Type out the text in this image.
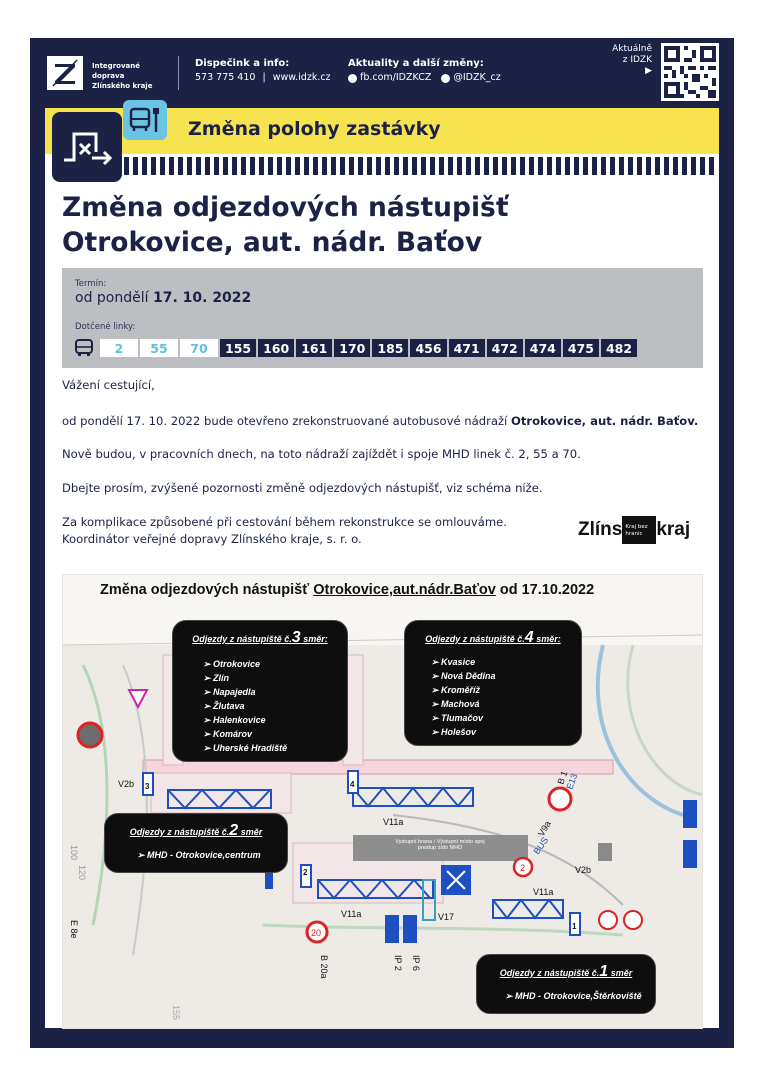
Integrované doprava
Zlínského kraje
Dispečink a info:
573 775 410 | www.idzk.cz
Aktuality a další změny:
fb.com/IDZKCZ @IDZK_cz
Aktuálně
z IDZK
▶
Změna polohy zastávky
Změna odjezdových nástupišť
Otrokovice, aut. nádr. Baťov
Termín:
od pondělí 17. 10. 2022
Dotčené linky:
2	55	70	155 160 161 170 185 456 471 472 474 475 482
Vážení cestující,
od pondělí 17. 10. 2022 bude otevřeno zrekonstruované autobusové nádraží Otrokovice, aut. nádr. Baťov.
Nově budou, v pracovních dnech, na toto nádraží zajíždět i spoje MHD linek č. 2, 55 a 70.
Dbejte prosím, zvýšené pozornosti změně odjezdových nástupišť, viz schéma níže.
Za komplikace způsobené při cestování během rekonstrukce se omlouváme.
Koordinátor veřejné dopravy Zlínského kraje, s. r. o.	Zlíns Kraj bez
hranic kraj
V2b
V11a
V11a
V11a
V9a
V17
V2b
IP 2 IP 6
B 20a
B 1
E13
BUS
20
2
155
E 8e
100
120	2
3	4
1
Vystupní hrana / Výstupní místo spoj
prestup z/do MHD
Změna odjezdových nástupišť Otrokovice,aut.nádr.Baťov od 17.10.2022
Odjezdy z nástupiště č.3 směr:
➢ Otrokovice
➢ Zlín
➢ Napajedla
➢ Žlutava
➢ Halenkovice
➢ Komárov
➢ Uherské Hradiště
Odjezdy z nástupiště č.4 směr:
➢ Kvasice
➢ Nová Dědina
➢ Kroměříž
➢ Machová
➢ Tlumačov
➢ Holešov
Odjezdy z nástupiště č.2 směr
➢ MHD - Otrokovice,centrum
Odjezdy z nástupiště č.1 směr
➢ MHD - Otrokovice,Štěrkoviště
